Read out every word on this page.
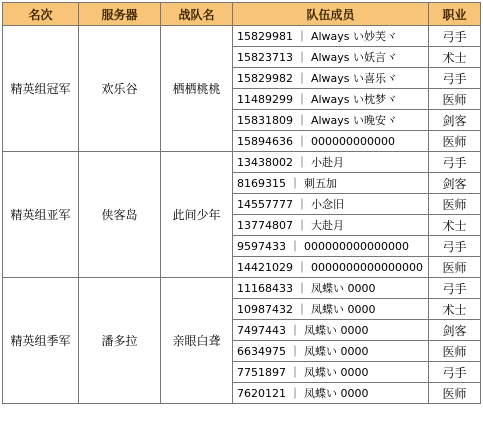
名次	服务器	战队名	队伍成员	职业
精英组冠军	欢乐谷	栖栖桃桃	15829981 ｜ Always い妙芙ヾ	弓手
			15823713 ｜ Always い妖言ヾ	术士
			15829982 ｜ Always い喜乐ヾ	弓手
			11489299 ｜ Always い枕梦ヾ	医师
			15831809 ｜ Always い晚安ヾ	剑客
			15894636 ｜ 000000000000	医师
精英组亚军	侠客岛	此间少年	13438002 ｜ 小赴月	弓手
			8169315 ｜ 刺五加	剑客
			14557777 ｜ 小念旧	医师
			13774807 ｜ 大赴月	术士
			9597433 ｜ 000000000000000	弓手
			14421029 ｜ 0000000000000000	医师
精英组季军	潘多拉	亲眼白聋	11168433 ｜ 凤蝶い 0000	弓手
			10987432 ｜ 凤蝶い 0000	术士
			7497443 ｜ 凤蝶い 0000	剑客
			6634975 ｜ 凤蝶い 0000	医师
			7751897 ｜ 凤蝶い 0000	弓手
			7620121 ｜ 凤蝶い 0000	医师
